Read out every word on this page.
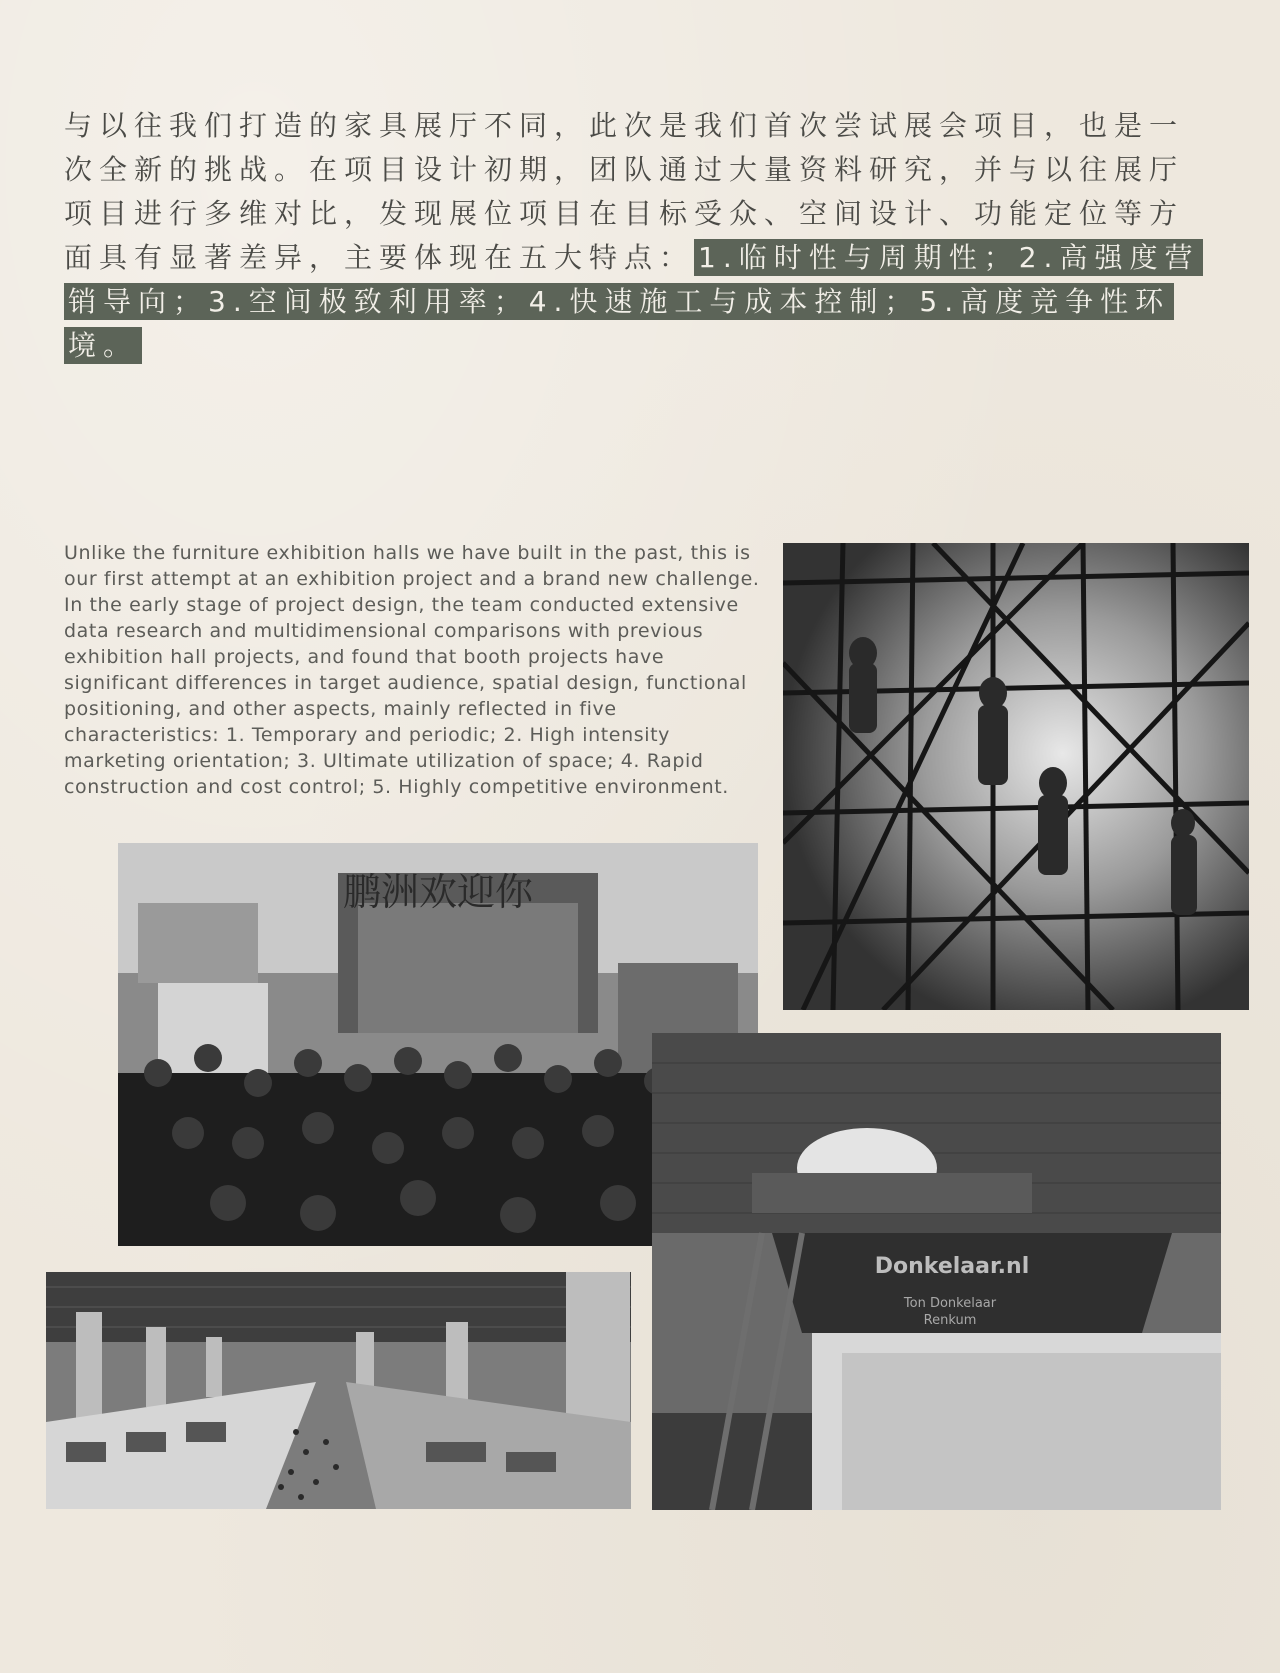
与以往我们打造的家具展厅不同，此次是我们首次尝试展会项目，也是一次全新的挑战。在项目设计初期，团队通过大量资料研究，并与以往展厅项目进行多维对比，发现展位项目在目标受众、空间设计、功能定位等方面具有显著差异，主要体现在五大特点： 1.临时性与周期性；2.高强度营销导向；3.空间极致利用率；4.快速施工与成本控制；5.高度竞争性环境。
Unlike the furniture exhibition halls we have built in the past, this is our first attempt at an exhibition project and a brand new challenge. In the early stage of project design, the team conducted extensive data research and multidimensional comparisons with previous exhibition hall projects, and found that booth projects have significant differences in target audience, spatial design, functional positioning, and other aspects, mainly reflected in five characteristics: 1. Temporary and periodic; 2. High intensity marketing orientation; 3. Ultimate utilization of space; 4. Rapid construction and cost control; 5. Highly competitive environment.
鹏洲欢迎你
Donkelaar.nl
Ton Donkelaar
Renkum
